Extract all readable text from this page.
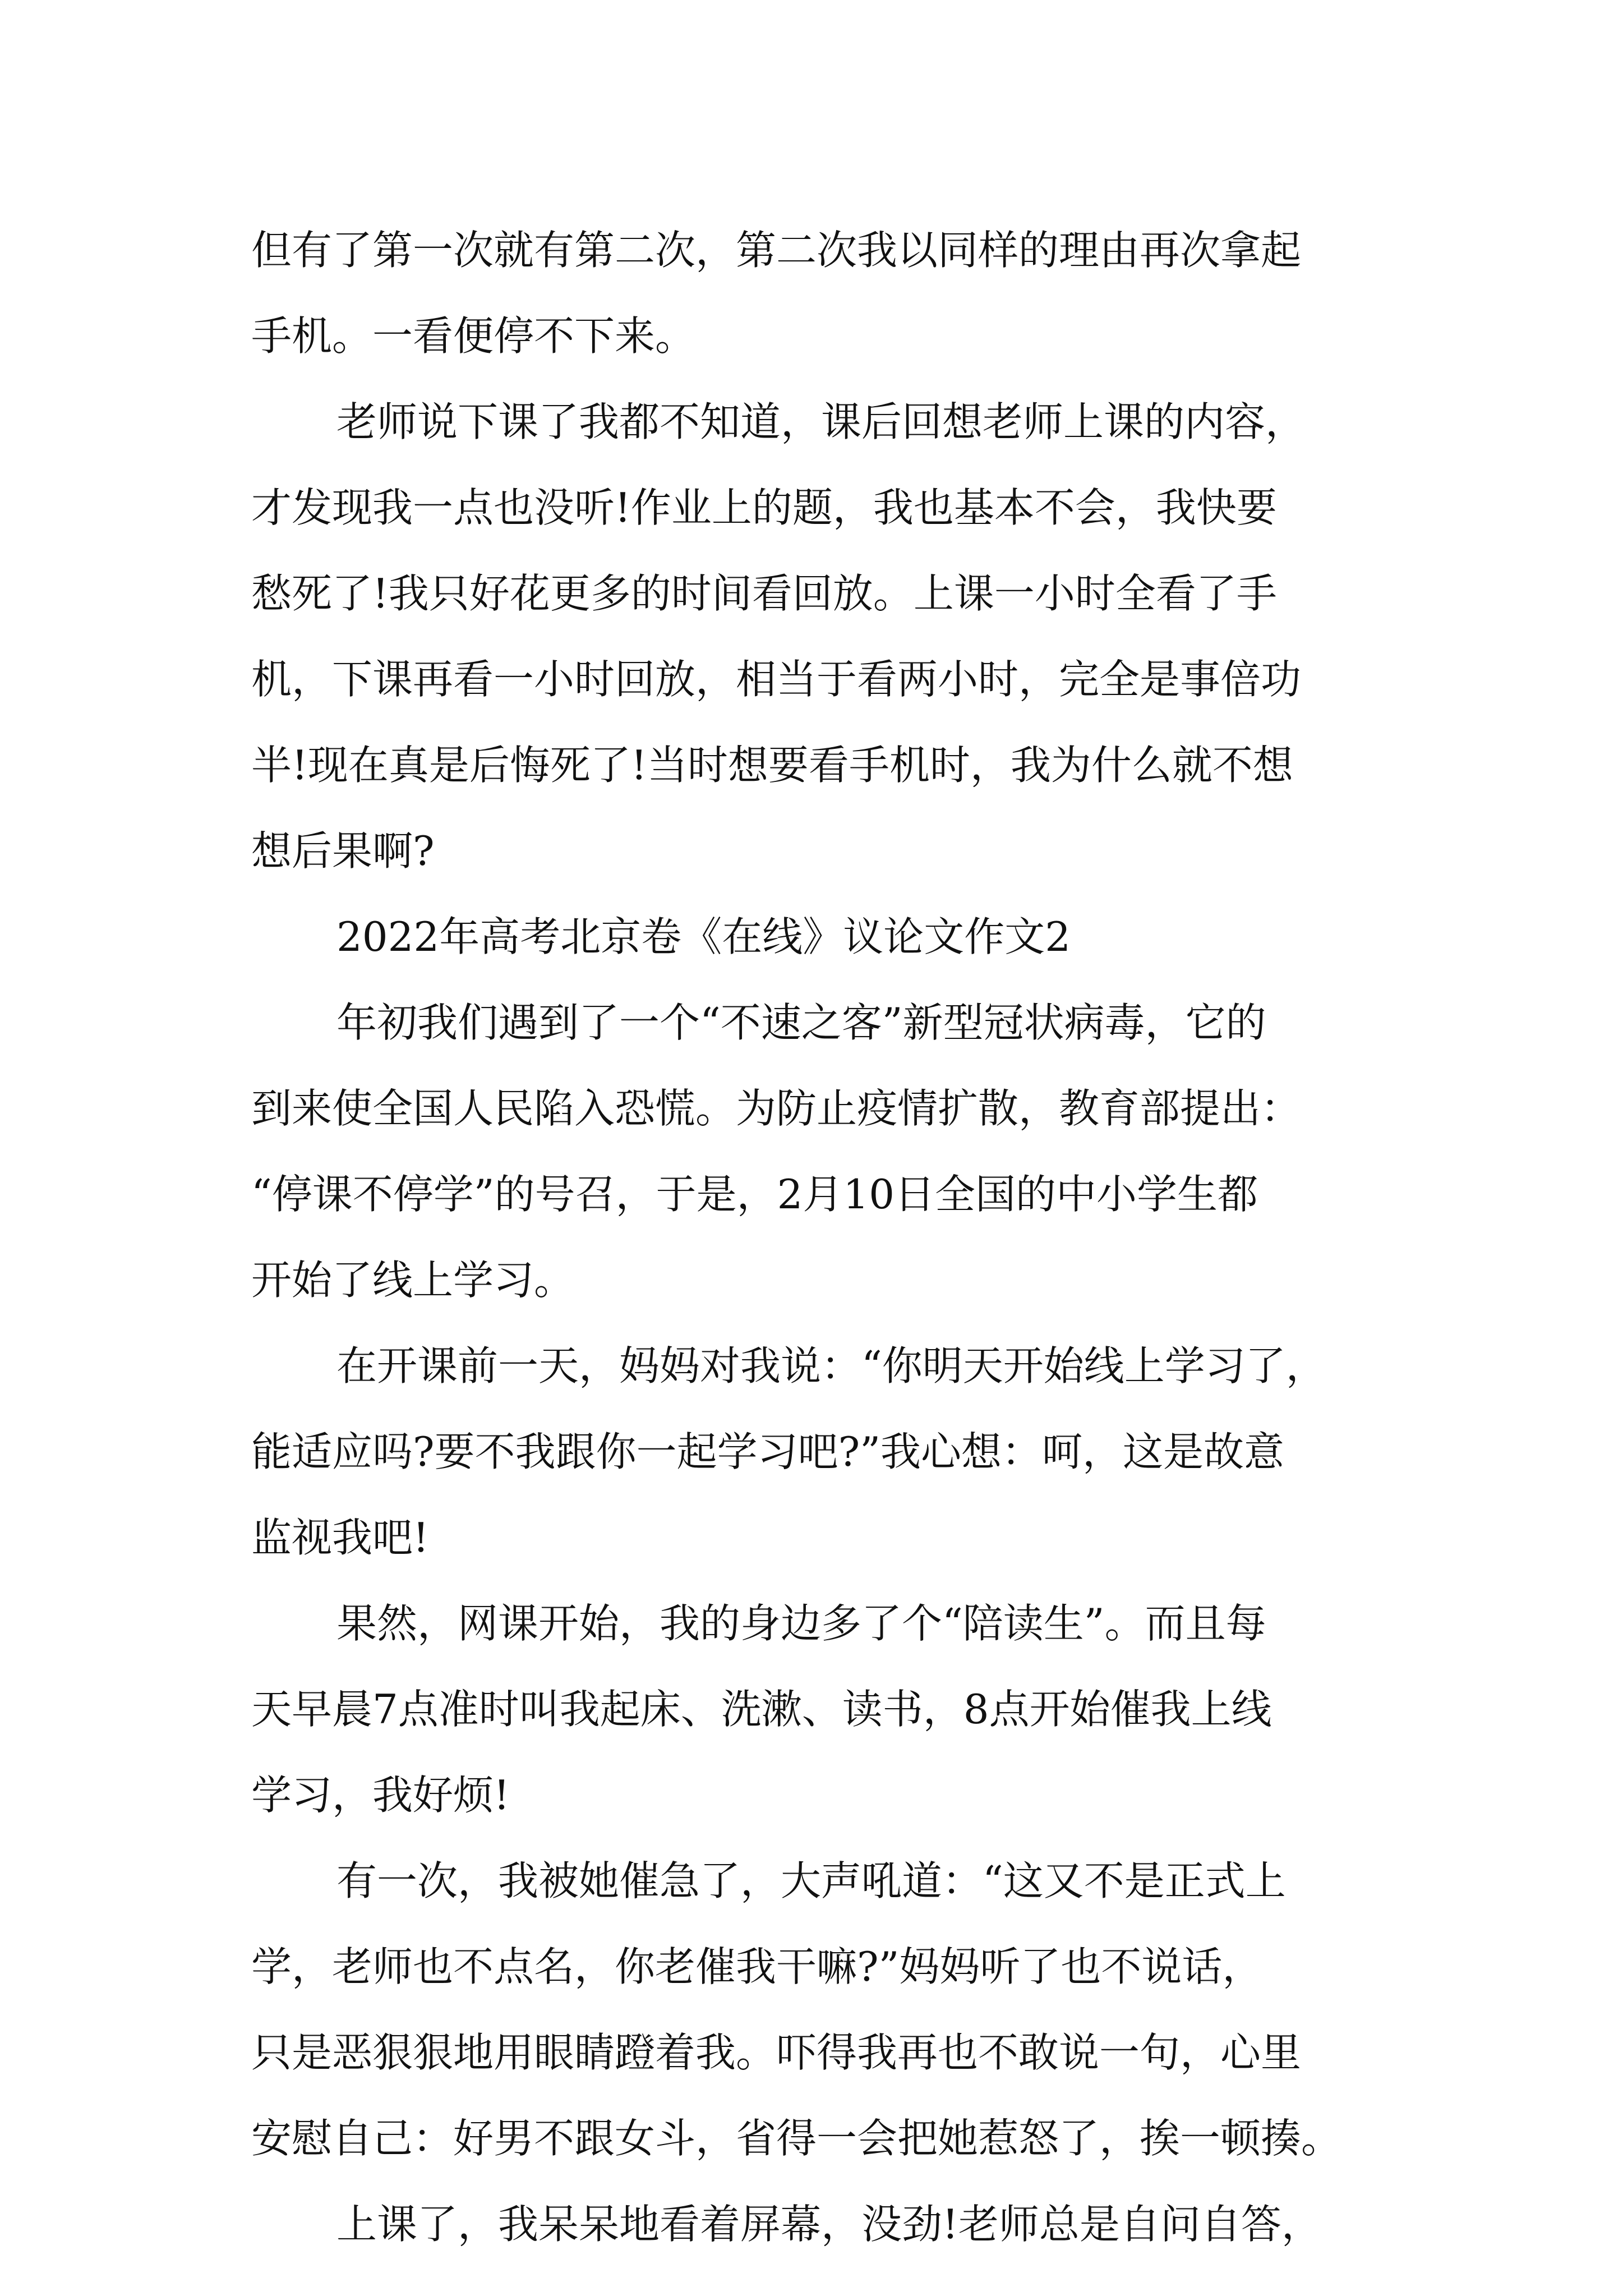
但有了第一次就有第二次，第二次我以同样的理由再次拿起
手机。一看便停不下来。
老师说下课了我都不知道，课后回想老师上课的内容，
才发现我一点也没听!作业上的题，我也基本不会，我快要
愁死了!我只好花更多的时间看回放。上课一小时全看了手
机，下课再看一小时回放，相当于看两小时，完全是事倍功
半!现在真是后悔死了!当时想要看手机时，我为什么就不想
想后果啊?
2022年高考北京卷《在线》议论文作文2
年初我们遇到了一个“不速之客”新型冠状病毒，它的
到来使全国人民陷入恐慌。为防止疫情扩散，教育部提出：
“停课不停学”的号召，于是，2月10日全国的中小学生都
开始了线上学习。
在开课前一天，妈妈对我说：“你明天开始线上学习了，
能适应吗?要不我跟你一起学习吧?”我心想：呵，这是故意
监视我吧!
果然，网课开始，我的身边多了个“陪读生”。而且每
天早晨7点准时叫我起床、洗漱、读书，8点开始催我上线
学习，我好烦!
有一次，我被她催急了，大声吼道：“这又不是正式上
学，老师也不点名，你老催我干嘛?”妈妈听了也不说话，
只是恶狠狠地用眼睛蹬着我。吓得我再也不敢说一句，心里
安慰自己：好男不跟女斗，省得一会把她惹怒了，挨一顿揍。
上课了，我呆呆地看着屏幕，没劲!老师总是自问自答，
